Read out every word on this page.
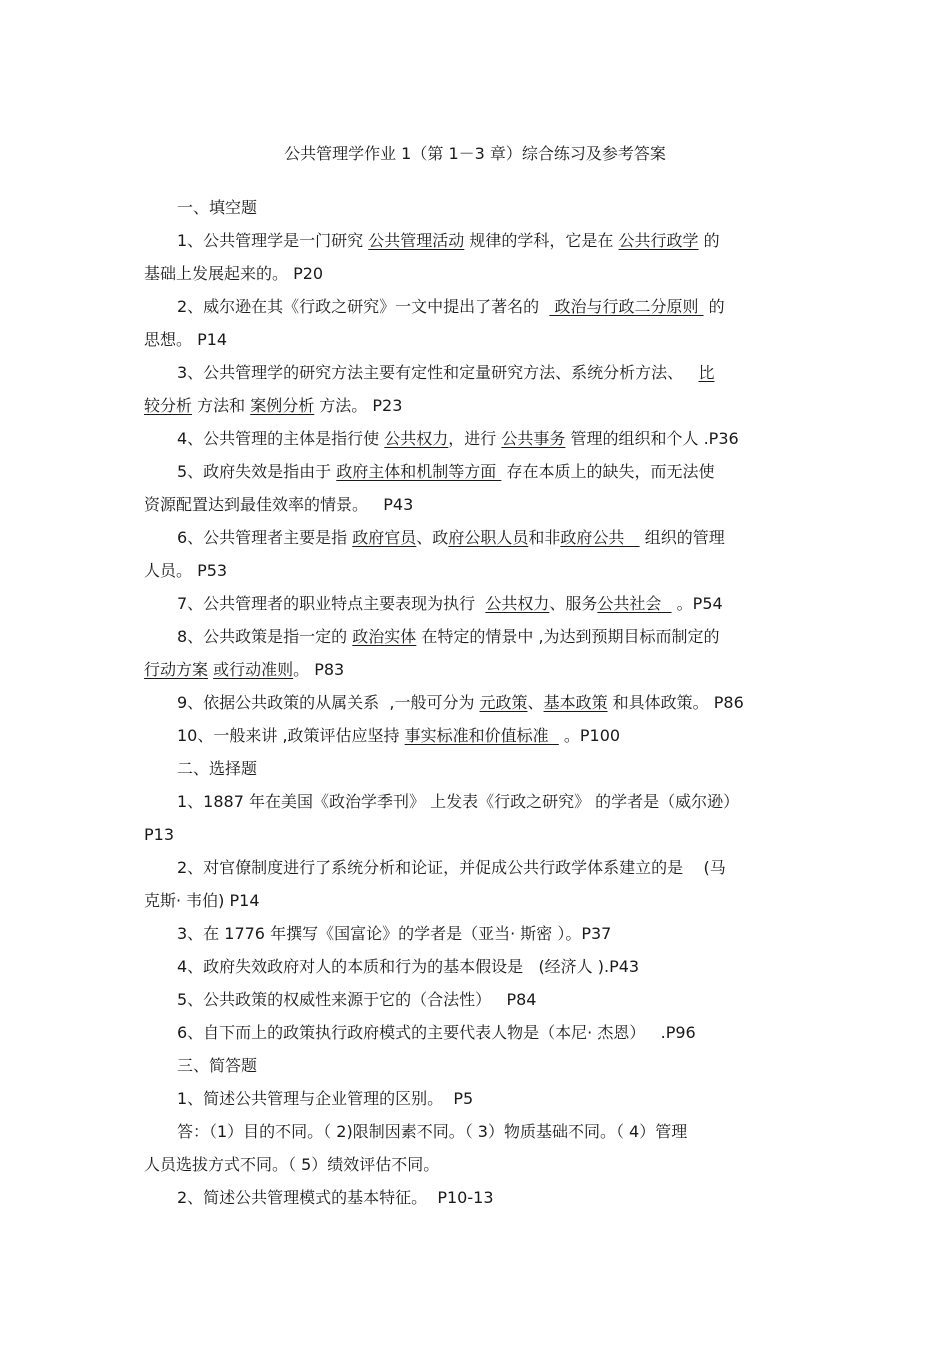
公共管理学作业 1（第 1－3 章）综合练习及参考答案
一、填空题
1、公共管理学是一门研究 公共管理活动 规律的学科，它是在 公共行政学 的
基础上发展起来的。 P20
2、威尔逊在其《行政之研究》一文中提出了著名的   政治与行政二分原则  的
思想。 P14
3、公共管理学的研究方法主要有定性和定量研究方法、系统分析方法、   比
较分析 方法和 案例分析 方法。 P23
4、公共管理的主体是指行使 公共权力，进行 公共事务 管理的组织和个人 .P36
5、政府失效是指由于 政府主体和机制等方面  存在本质上的缺失，而无法使
资源配置达到最佳效率的情景。   P43
6、公共管理者主要是指 政府官员、政府公职人员和非政府公共    组织的管理
人员。 P53
7、公共管理者的职业特点主要表现为执行  公共权力、服务公共社会   。P54
8、公共政策是指一定的 政治实体 在特定的情景中 ,为达到预期目标而制定的
行动方案 或行动准则。 P83
9、依据公共政策的从属关系  ,一般可分为 元政策、基本政策 和具体政策。 P86
10、一般来讲 ,政策评估应坚持 事实标准和价值标准   。P100
二、选择题
1、1887 年在美国《政治学季刊》 上发表《行政之研究》 的学者是（威尔逊）
P13
2、对官僚制度进行了系统分析和论证，并促成公共行政学体系建立的是    (马
克斯· 韦伯) P14
3、在 1776 年撰写《国富论》的学者是（亚当· 斯密 ）。P37
4、政府失效政府对人的本质和行为的基本假设是   (经济人 ).P43
5、公共政策的权威性来源于它的（合法性）   P84
6、自下而上的政策执行政府模式的主要代表人物是（本尼· 杰恩）   .P96
三、简答题
1、简述公共管理与企业管理的区别。  P5
答：（1）目的不同。（ 2)限制因素不同。（ 3）物质基础不同。（ 4）管理
人员选拔方式不同。（ 5）绩效评估不同。
2、简述公共管理模式的基本特征。  P10-13
